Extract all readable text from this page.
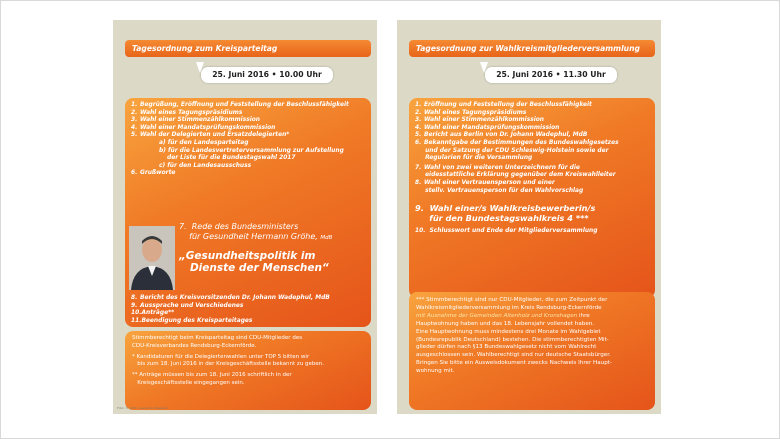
Tagesordnung zum Kreisparteitag
25. Juni 2016 • 10.00 Uhr
1. Begrüßung, Eröffnung und Feststellung der Beschlussfähigkeit
2. Wahl eines Tagungspräsidiums
3. Wahl einer Stimmenzählkommission
4. Wahl einer Mandatsprüfungskommission
5. Wahl der Delegierten und Ersatzdelegierten*
a) für den Landesparteitag
b) für die Landesvertreterversammlung zur Aufstellung
der Liste für die Bundestagswahl 2017
c) für den Landesausschuss
6. Grußworte
7. Rede des Bundesministers
für Gesundheit Hermann Gröhe, MdB
„Gesundheitspolitik im
Dienste der Menschen“
8. Bericht des Kreisvorsitzenden Dr. Johann Wadephul, MdB
9. Aussprache und Verschiedenes
10.Anträge**
11.Beendigung des Kreisparteitages
Stimmberechtigt beim Kreisparteitag sind CDU-Mitglieder des
CDU-Kreisverbandes Rendsburg-Eckernförde.
* Kandidaturen für die Delegiertenwahlen unter TOP 5 bitten wir
bis zum 18. Juni 2016 in der Kreisgeschäftsstelle bekannt zu geben.
** Anträge müssen bis zum 18. Juni 2016 schriftlich in der
Kreisgeschäftsstelle eingegangen sein.
Foto: © CDU | Laurence Chaperon
Tagesordnung zur Wahlkreismitgliederversammlung
25. Juni 2016 • 11.30 Uhr
1. Eröffnung und Feststellung der Beschlussfähigkeit
2. Wahl eines Tagungspräsidiums
3. Wahl einer Stimmenzählkommission
4. Wahl einer Mandatsprüfungskommission
5. Bericht aus Berlin von Dr. Johann Wadephul, MdB
6. Bekanntgabe der Bestimmungen des Bundeswahlgesetzes
und der Satzung der CDU Schleswig-Holstein sowie der
Regularien für die Versammlung
7. Wahl von zwei weiteren Unterzeichnern für die
eidesstattliche Erklärung gegenüber dem Kreiswahlleiter
8. Wahl einer Vertrauensperson und einer
stellv. Vertrauensperson für den Wahlvorschlag
9. Wahl einer/s Wahlkreisbewerberin/s
für den Bundestagswahlkreis 4 ***
10. Schlusswort und Ende der Mitgliederversammlung
*** Stimmberechtigt sind nur CDU-Mitglieder, die zum Zeitpunkt der
Wahlkreismitgliederversammlung im Kreis Rendsburg-Eckernförde
mit Ausnahme der Gemeinden Altenholz und Kronshagen ihre
Hauptwohnung haben und das 18. Lebensjahr vollendet haben.
Eine Hauptwohnung muss mindestens drei Monate im Wahlgebiet
(Bundesrepublik Deutschland) bestehen. Die stimmberechtigten Mit-
glieder dürfen nach §13 Bundeswahlgesetz nicht vom Wahlrecht
ausgeschlossen sein. Wahlberechtigt sind nur deutsche Staatsbürger.
Bringen Sie bitte ein Ausweisdokument zwecks Nachweis Ihrer Haupt-
wohnung mit.
